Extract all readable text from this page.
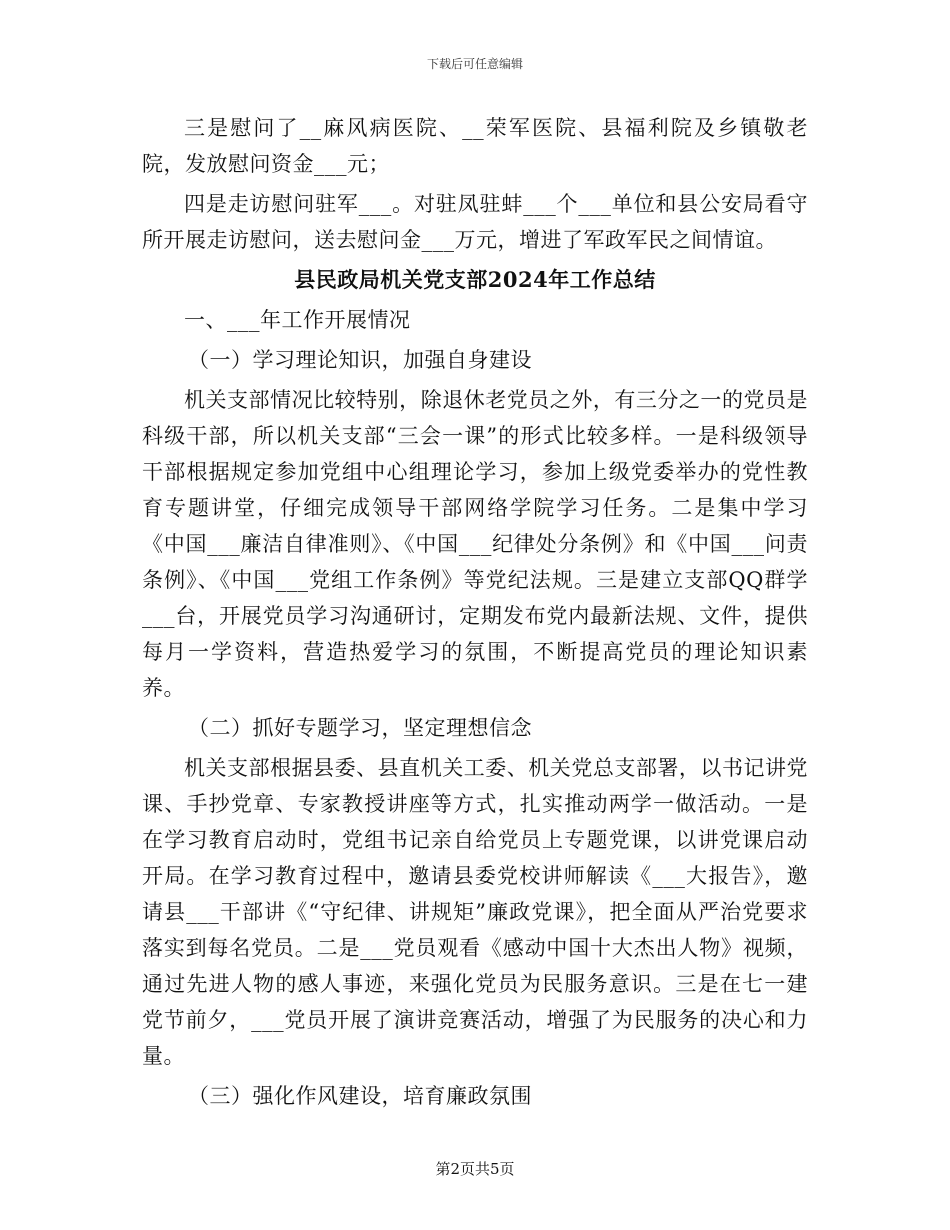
下载后可任意编辑

三是慰问了__麻风病医院、__荣军医院、县福利院及乡镇敬老院，发放慰问资金___元；

四是走访慰问驻军___。对驻凤驻蚌___个___单位和县公安局看守所开展走访慰问，送去慰问金___万元，增进了军政军民之间情谊。

县民政局机关党支部2024年工作总结
一、___年工作开展情况
（一）学习理论知识，加强自身建设

机关支部情况比较特别，除退休老党员之外，有三分之一的党员是科级干部，所以机关支部“三会一课”的形式比较多样。一是科级领导干部根据规定参加党组中心组理论学习，参加上级党委举办的党性教育专题讲堂，仔细完成领导干部网络学院学习任务。二是集中学习《中国___廉洁自律准则》、《中国___纪律处分条例》和《中国___问责条例》、《中国___党组工作条例》等党纪法规。三是建立支部QQ群学___台，开展党员学习沟通研讨，定期发布党内最新法规、文件，提供每月一学资料，营造热爱学习的氛围，不断提高党员的理论知识素养。

（二）抓好专题学习，坚定理想信念

机关支部根据县委、县直机关工委、机关党总支部署，以书记讲党课、手抄党章、专家教授讲座等方式，扎实推动两学一做活动。一是在学习教育启动时，党组书记亲自给党员上专题党课，以讲党课启动开局。在学习教育过程中，邀请县委党校讲师解读《___大报告》，邀请县___干部讲《“守纪律、讲规矩”廉政党课》，把全面从严治党要求落实到每名党员。二是___党员观看《感动中国十大杰出人物》视频，通过先进人物的感人事迹，来强化党员为民服务意识。三是在七一建党节前夕，___党员开展了演讲竞赛活动，增强了为民服务的决心和力量。

（三）强化作风建设，培育廉政氛围
第2页共5页
